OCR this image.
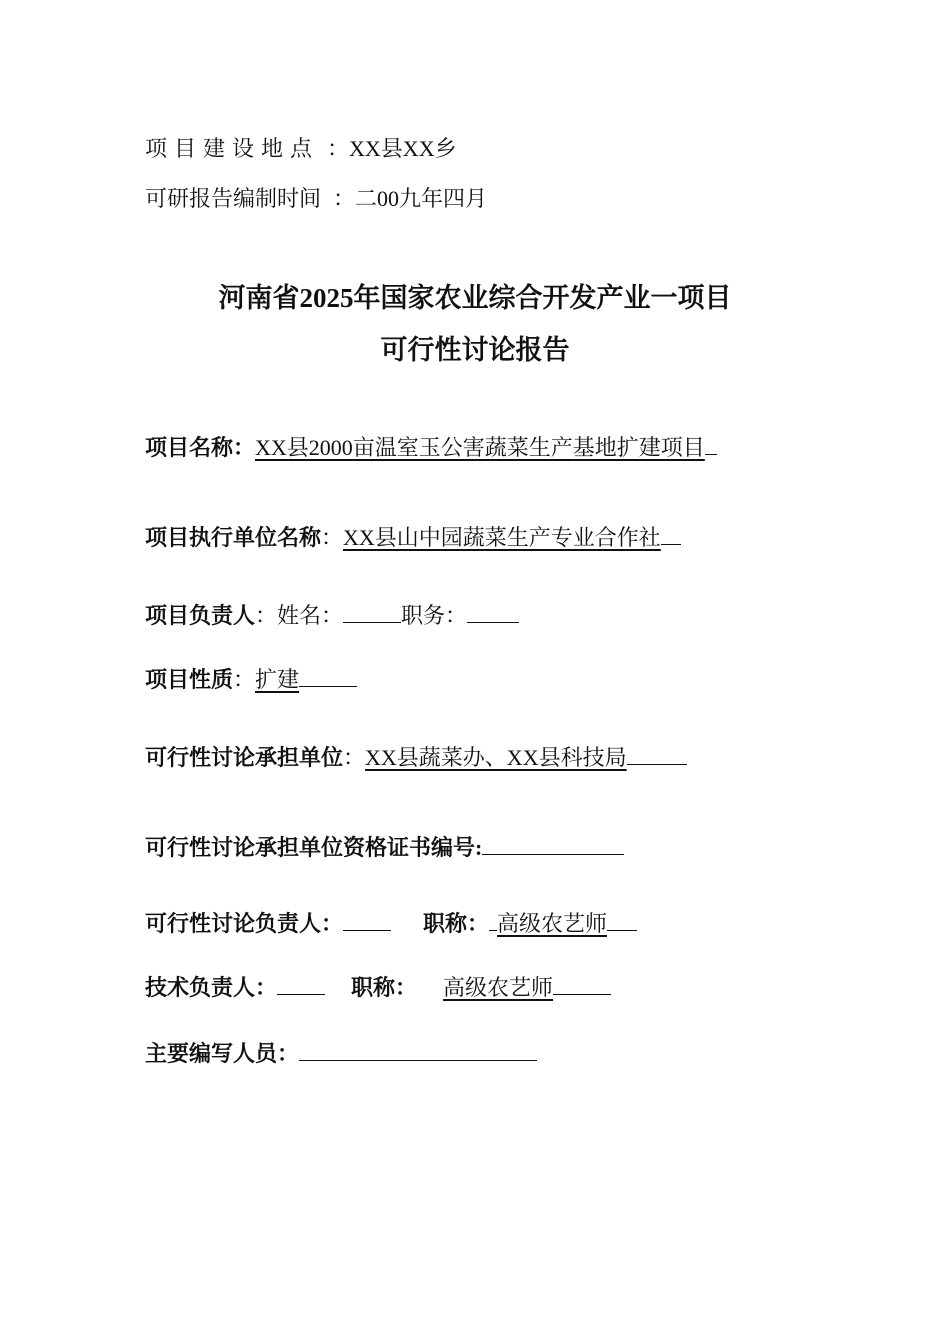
项目建设地点 ：XX县XX乡
可研报告编制时间 ：二00九年四月
河南省2025年国家农业综合开发产业一项目
可行性讨论报告
项目名称：XX县2000亩温室玉公害蔬菜生产基地扩建项目
项目执行单位名称：XX县山中园蔬菜生产专业合作社
项目负责人：姓名：	职务：
项目性质：扩建
可行性讨论承担单位：XX县蔬菜办、XX县科技局
可行性讨论承担单位资格证书编号:
可行性讨论负责人：	职称： 高级农艺师
技术负责人：	职称： 高级农艺师
主要编写人员：
